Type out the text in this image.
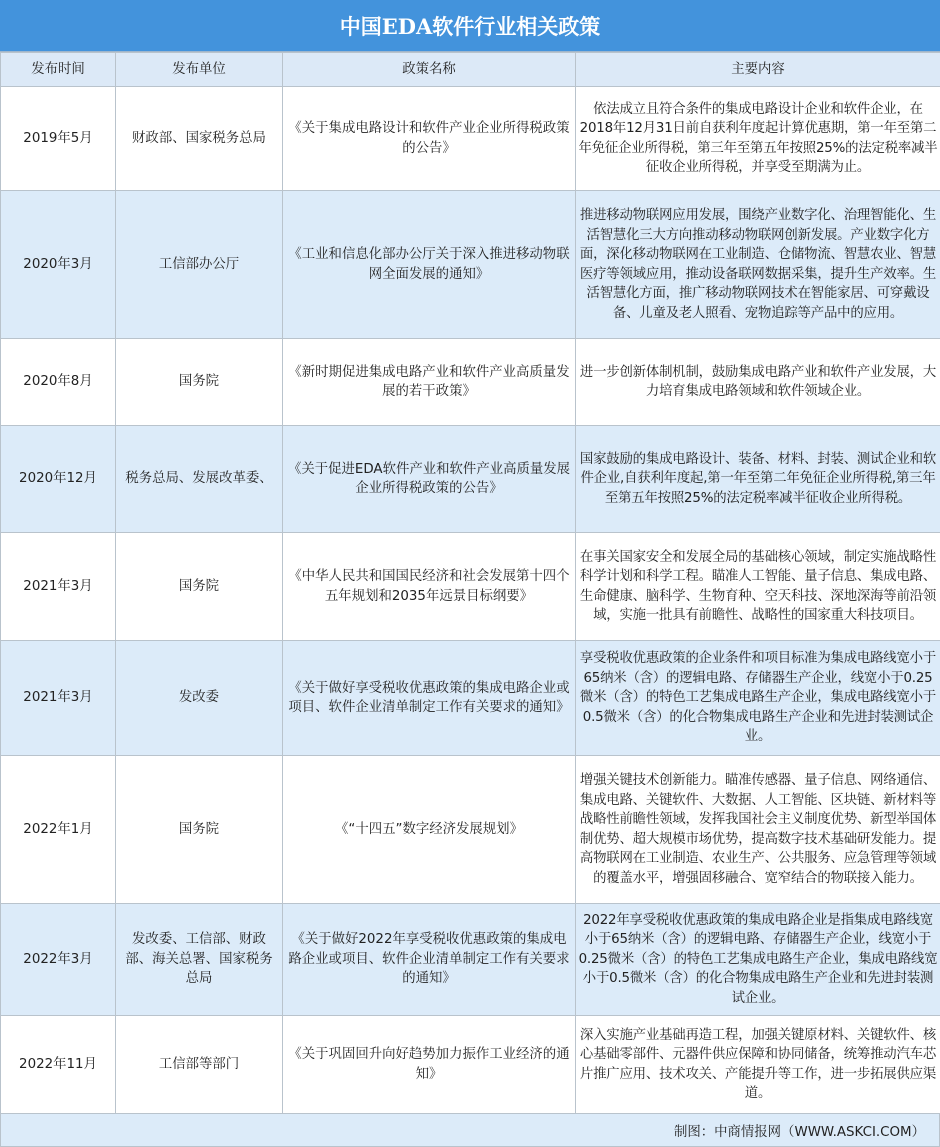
中国EDA软件行业相关政策
发布时间	发布单位	政策名称	主要内容
2019年5月	财政部、国家税务总局	《关于集成电路设计和软件产业企业所得税政策的公告》	依法成立且符合条件的集成电路设计企业和软件企业，在2018年12月31日前自获利年度起计算优惠期，第一年至第二年免征企业所得税，第三年至第五年按照25%的法定税率减半征收企业所得税，并享受至期满为止。
2020年3月	工信部办公厅	《工业和信息化部办公厅关于深入推进移动物联网全面发展的通知》	推进移动物联网应用发展，围绕产业数字化、治理智能化、生活智慧化三大方向推动移动物联网创新发展。产业数字化方面，深化移动物联网在工业制造、仓储物流、智慧农业、智慧医疗等领域应用，推动设备联网数据采集，提升生产效率。生活智慧化方面，推广移动物联网技术在智能家居、可穿戴设备、儿童及老人照看、宠物追踪等产品中的应用。
2020年8月	国务院	《新时期促进集成电路产业和软件产业高质量发展的若干政策》	进一步创新体制机制，鼓励集成电路产业和软件产业发展，大力培育集成电路领域和软件领域企业。
2020年12月	税务总局、发展改革委、	《关于促进EDA软件产业和软件产业高质量发展企业所得税政策的公告》	国家鼓励的集成电路设计、装备、材料、封装、测试企业和软件企业,自获利年度起,第一年至第二年免征企业所得税,第三年至第五年按照25%的法定税率减半征收企业所得税。
2021年3月	国务院	《中华人民共和国国民经济和社会发展第十四个五年规划和2035年远景目标纲要》	在事关国家安全和发展全局的基础核心领域，制定实施战略性科学计划和科学工程。瞄准人工智能、量子信息、集成电路、生命健康、脑科学、生物育种、空天科技、深地深海等前沿领域，实施一批具有前瞻性、战略性的国家重大科技项目。
2021年3月	发改委	《关于做好享受税收优惠政策的集成电路企业或项目、软件企业清单制定工作有关要求的通知》	享受税收优惠政策的企业条件和项目标准为集成电路线宽小于65纳米（含）的逻辑电路、存储器生产企业，线宽小于0.25微米（含）的特色工艺集成电路生产企业，集成电路线宽小于0.5微米（含）的化合物集成电路生产企业和先进封装测试企业。
2022年1月	国务院	《“十四五”数字经济发展规划》	增强关键技术创新能力。瞄准传感器、量子信息、网络通信、集成电路、关键软件、大数据、人工智能、区块链、新材料等战略性前瞻性领域，发挥我国社会主义制度优势、新型举国体制优势、超大规模市场优势，提高数字技术基础研发能力。提高物联网在工业制造、农业生产、公共服务、应急管理等领域的覆盖水平，增强固移融合、宽窄结合的物联接入能力。
2022年3月	发改委、工信部、财政部、海关总署、国家税务总局	《关于做好2022年享受税收优惠政策的集成电路企业或项目、软件企业清单制定工作有关要求的通知》	2022年享受税收优惠政策的集成电路企业是指集成电路线宽小于65纳米（含）的逻辑电路、存储器生产企业，线宽小于0.25微米（含）的特色工艺集成电路生产企业，集成电路线宽小于0.5微米（含）的化合物集成电路生产企业和先进封装测试企业。
2022年11月	工信部等部门	《关于巩固回升向好趋势加力振作工业经济的通知》	深入实施产业基础再造工程，加强关键原材料、关键软件、核心基础零部件、元器件供应保障和协同储备，统筹推动汽车芯片推广应用、技术攻关、产能提升等工作，进一步拓展供应渠道。
制图：中商情报网（WWW.ASKCI.COM）
